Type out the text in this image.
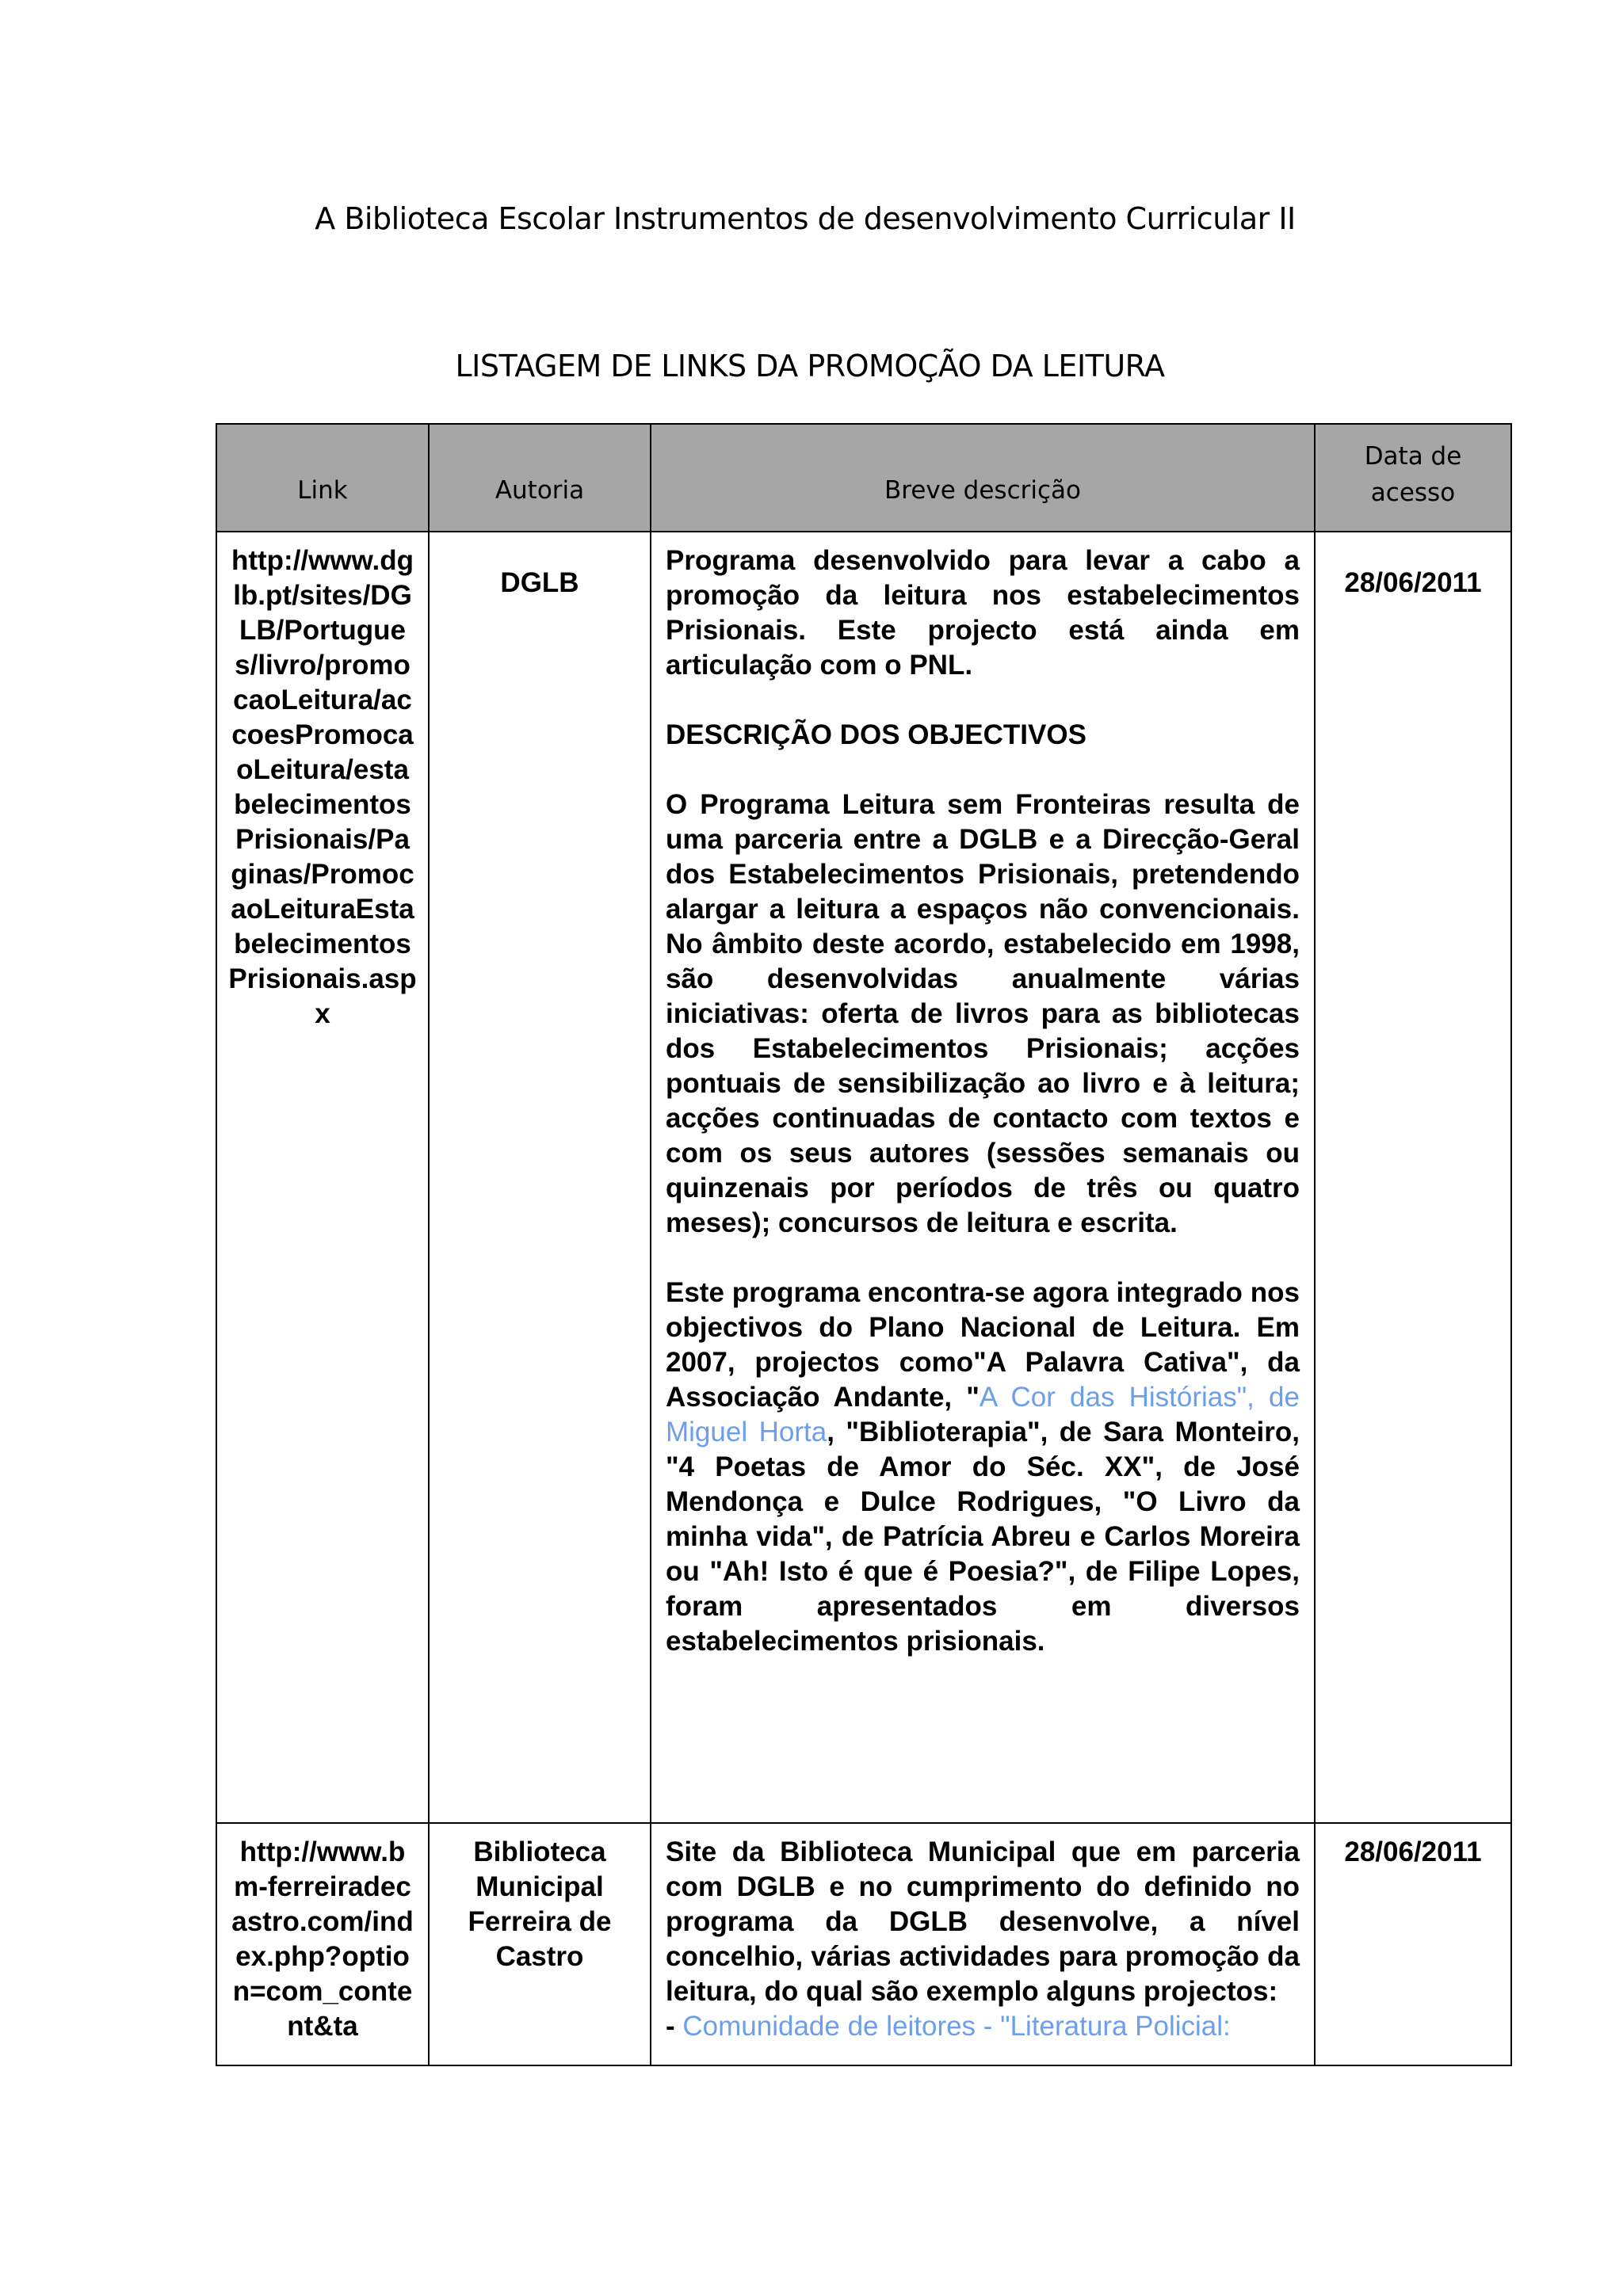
A Biblioteca Escolar Instrumentos de desenvolvimento Curricular II
LISTAGEM DE LINKS DA PROMOÇÃO DA LEITURA
Link	Autoria	Breve descrição	Data de
acesso

http://www.dglb.pt/sites/DGLB/Portugues/livro/promocaoLeitura/accoesPromocaoLeitura/estabelecimentosPrisionais/Paginas/PromocaoLeituraEstabelecimentosPrisionais.aspx	DGLB	Programa desenvolvido para levar a cabo a promoção da leitura nos estabelecimentos Prisionais. Este projecto está ainda em articulação com o PNL.

DESCRIÇÃO DOS OBJECTIVOS

O Programa Leitura sem Fronteiras resulta de uma parceria entre a DGLB e a Direcção-Geral dos Estabelecimentos Prisionais, pretendendo alargar a leitura a espaços não convencionais. No âmbito deste acordo, estabelecido em 1998, são desenvolvidas anualmente várias iniciativas: oferta de livros para as bibliotecas dos Estabelecimentos Prisionais; acções pontuais de sensibilização ao livro e à leitura; acções continuadas de contacto com textos e com os seus autores (sessões semanais ou quinzenais por períodos de três ou quatro meses); concursos de leitura e escrita.

Este programa encontra-se agora integrado nos objectivos do Plano Nacional de Leitura. Em 2007, projectos como"A Palavra Cativa", da Associação Andante, "A Cor das Histórias", de Miguel Horta, "Biblioterapia", de Sara Monteiro, "4 Poetas de Amor do Séc. XX", de José Mendonça e Dulce Rodrigues, "O Livro da minha vida", de Patrícia Abreu e Carlos Moreira ou "Ah! Isto é que é Poesia?", de Filipe Lopes, foram apresentados em diversos estabelecimentos prisionais.	28/06/2011

http://www.bm-ferreiradecastro.com/index.php?option=com_content&ta	Biblioteca Municipal Ferreira de Castro	Site da Biblioteca Municipal que em parceria com DGLB e no cumprimento do definido no programa da DGLB desenvolve, a nível concelhio, várias actividades para promoção da leitura, do qual são exemplo alguns projectos:

- Comunidade de leitores - "Literatura Policial:	28/06/2011
